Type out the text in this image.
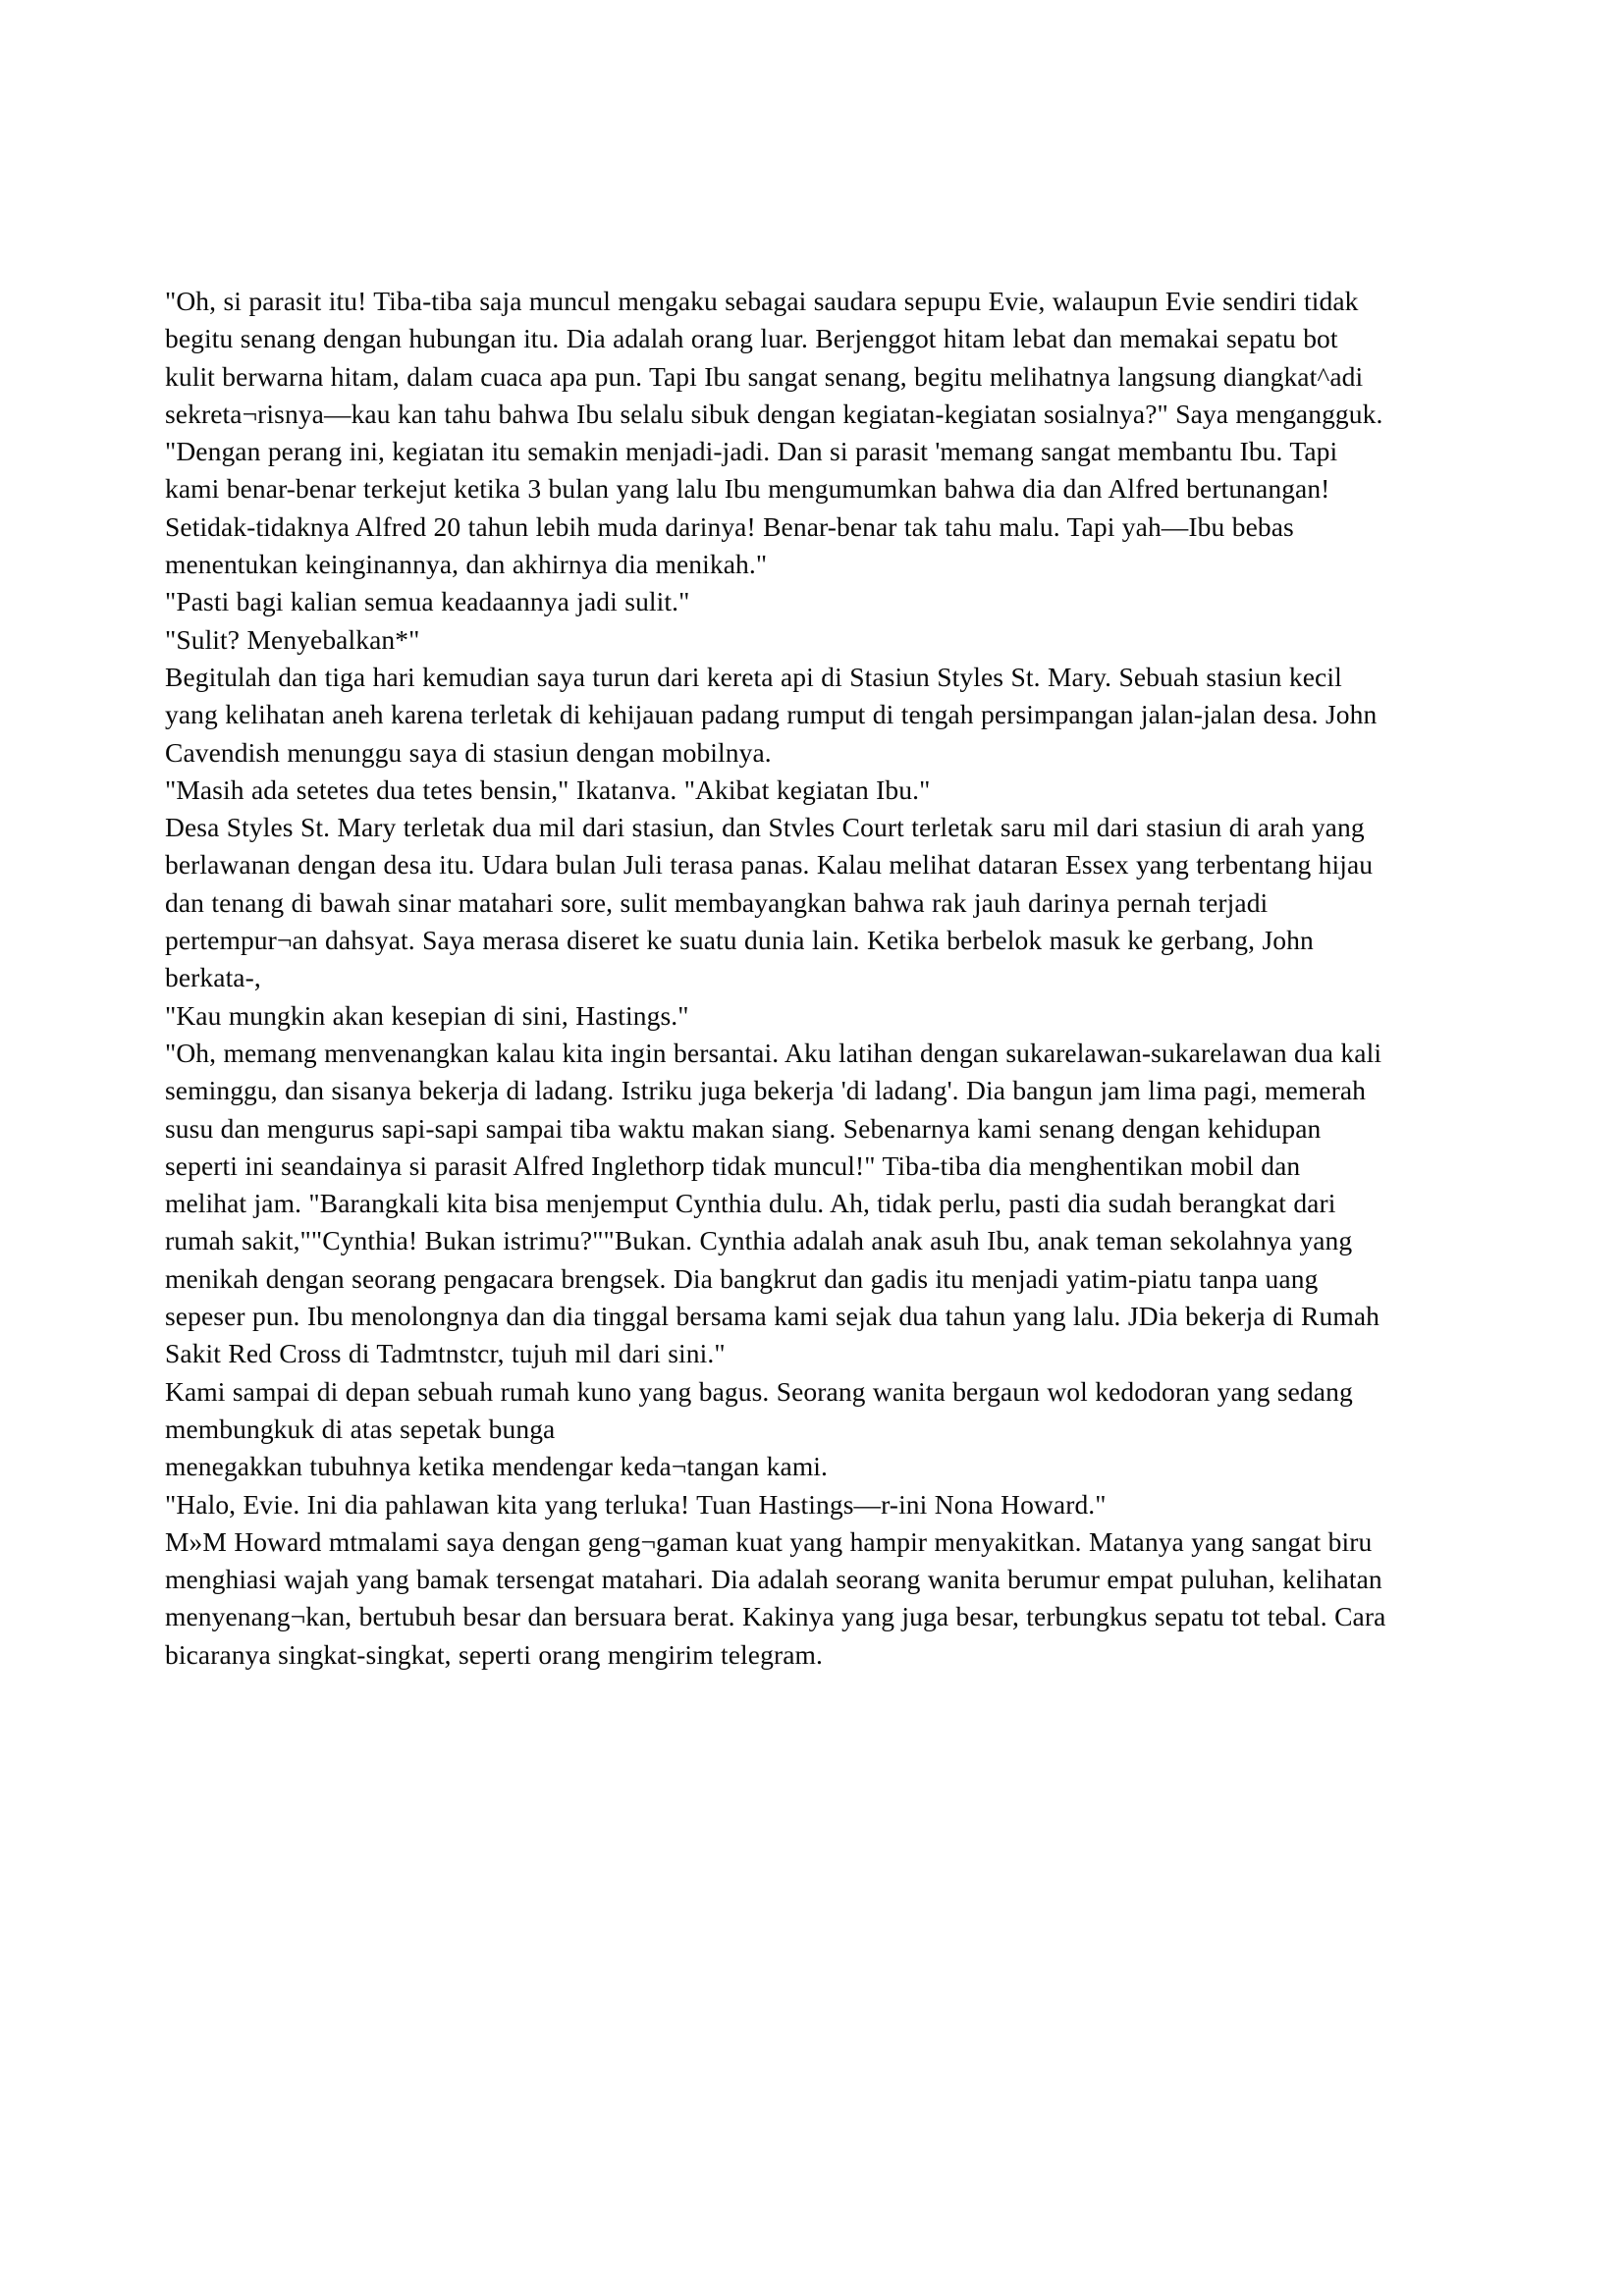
"Oh, si parasit itu! Tiba-tiba saja muncul mengaku sebagai saudara sepupu Evie, walaupun Evie sendiri tidak begitu senang dengan hubungan itu. Dia adalah orang luar. Berjenggot hitam lebat dan memakai sepatu bot kulit berwarna hitam, dalam cuaca apa pun. Tapi Ibu sangat senang, begitu melihatnya langsung diangkat^adi sekreta¬risnya—kau kan tahu bahwa Ibu selalu sibuk dengan kegiatan-kegiatan sosialnya?" Saya mengangguk.

"Dengan perang ini, kegiatan itu semakin menjadi-jadi. Dan si parasit 'memang sangat membantu Ibu. Tapi kami benar-benar terkejut ketika 3 bulan yang lalu Ibu mengumumkan bahwa dia dan Alfred bertunangan! Setidak-tidaknya Alfred 20 tahun lebih muda darinya! Benar-benar tak tahu malu. Tapi yah—Ibu bebas menentukan keinginannya, dan akhirnya dia menikah."

"Pasti bagi kalian semua keadaannya jadi sulit."

"Sulit? Menyebalkan*"

Begitulah dan tiga hari kemudian saya turun dari kereta api di Stasiun Styles St. Mary. Sebuah stasiun kecil yang kelihatan aneh karena terletak di kehijauan padang rumput di tengah persimpangan jalan-jalan desa. John Cavendish menunggu saya di stasiun dengan mobilnya.

"Masih ada setetes dua tetes bensin," Ikatanva. "Akibat kegiatan Ibu."

Desa Styles St. Mary terletak dua mil dari stasiun, dan Stvles Court terletak saru mil dari stasiun di arah yang berlawanan dengan desa itu. Udara bulan Juli terasa panas. Kalau melihat dataran Essex yang terbentang hijau dan tenang di bawah sinar matahari sore, sulit membayangkan bahwa rak jauh darinya pernah terjadi pertempur¬an dahsyat. Saya merasa diseret ke suatu dunia lain. Ketika berbelok masuk ke gerbang, John berkata-,

"Kau mungkin akan kesepian di sini, Hastings."

"Oh, memang menvenangkan kalau kita ingin bersantai. Aku latihan dengan sukarelawan-sukarelawan dua kali seminggu, dan sisanya bekerja di ladang. Istriku juga bekerja 'di ladang'. Dia bangun jam lima pagi, memerah susu dan mengurus sapi-sapi sampai tiba waktu makan siang. Sebenarnya kami senang dengan kehidupan seperti ini seandainya si parasit Alfred Inglethorp tidak muncul!" Tiba-tiba dia menghentikan mobil dan melihat jam. "Barangkali kita bisa menjemput Cynthia dulu. Ah, tidak perlu, pasti dia sudah berangkat dari rumah sakit,""Cynthia! Bukan istrimu?""Bukan. Cynthia adalah anak asuh Ibu, anak teman sekolahnya yang menikah dengan seorang pengacara brengsek. Dia bangkrut dan gadis itu menjadi yatim-piatu tanpa uang sepeser pun. Ibu menolongnya dan dia tinggal bersama kami sejak dua tahun yang lalu. JDia bekerja di Rumah Sakit Red Cross di Tadmtnstcr, tujuh mil dari sini."

Kami sampai di depan sebuah rumah kuno yang bagus. Seorang wanita bergaun wol kedodoran yang sedang membungkuk di atas sepetak bunga

menegakkan tubuhnya ketika mendengar keda¬tangan kami.

"Halo, Evie. Ini dia pahlawan kita yang terluka! Tuan Hastings—r-ini Nona Howard."

M»M Howard mtmalami saya dengan geng¬gaman kuat yang hampir menyakitkan. Matanya yang sangat biru menghiasi wajah yang bamak tersengat matahari. Dia adalah seorang wanita berumur empat puluhan, kelihatan menyenang¬kan, bertubuh besar dan bersuara berat. Kakinya yang juga besar, terbungkus sepatu tot tebal. Cara bicaranya singkat-singkat, seperti orang mengirim telegram.
